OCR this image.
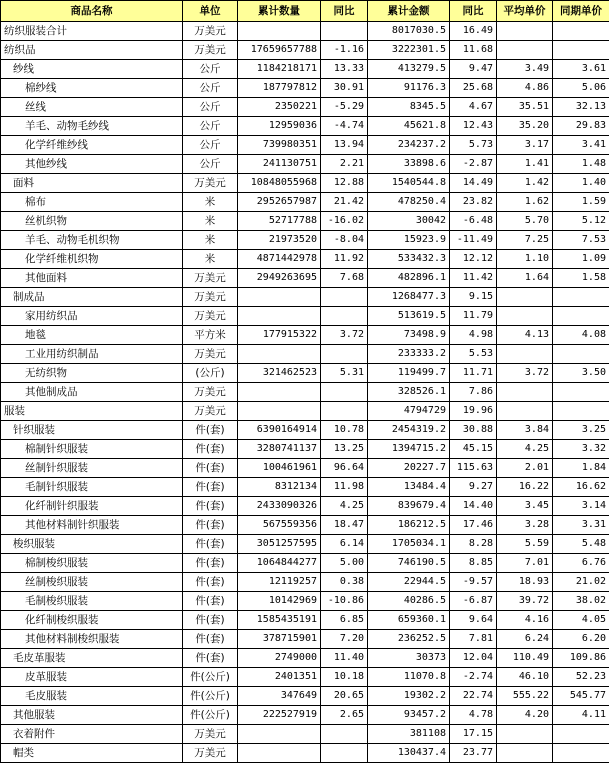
商品名称	单位	累计数量	同比	累计金额	同比	平均单价	同期单价
纺织服装合计	万美元			8017030.5	16.49		
纺织品	万美元	17659657788	-1.16	3222301.5	11.68		
纱线	公斤	1184218171	13.33	413279.5	9.47	3.49	3.61
棉纱线	公斤	187797812	30.91	91176.3	25.68	4.86	5.06
丝线	公斤	2350221	-5.29	8345.5	4.67	35.51	32.13
羊毛、动物毛纱线	公斤	12959036	-4.74	45621.8	12.43	35.20	29.83
化学纤维纱线	公斤	739980351	13.94	234237.2	5.73	3.17	3.41
其他纱线	公斤	241130751	2.21	33898.6	-2.87	1.41	1.48
面料	万美元	10848055968	12.88	1540544.8	14.49	1.42	1.40
棉布	米	2952657987	21.42	478250.4	23.82	1.62	1.59
丝机织物	米	52717788	-16.02	30042	-6.48	5.70	5.12
羊毛、动物毛机织物	米	21973520	-8.04	15923.9	-11.49	7.25	7.53
化学纤维机织物	米	4871442978	11.92	533432.3	12.12	1.10	1.09
其他面料	万美元	2949263695	7.68	482896.1	11.42	1.64	1.58
制成品	万美元			1268477.3	9.15		
家用纺织品	万美元			513619.5	11.79		
地毯	平方米	177915322	3.72	73498.9	4.98	4.13	4.08
工业用纺织制品	万美元			233333.2	5.53		
无纺织物	(公斤)	321462523	5.31	119499.7	11.71	3.72	3.50
其他制成品	万美元			328526.1	7.86		
服装	万美元			4794729	19.96		
针织服装	件(套)	6390164914	10.78	2454319.2	30.88	3.84	3.25
棉制针织服装	件(套)	3280741137	13.25	1394715.2	45.15	4.25	3.32
丝制针织服装	件(套)	100461961	96.64	20227.7	115.63	2.01	1.84
毛制针织服装	件(套)	8312134	11.98	13484.4	9.27	16.22	16.62
化纤制针织服装	件(套)	2433090326	4.25	839679.4	14.40	3.45	3.14
其他材料制针织服装	件(套)	567559356	18.47	186212.5	17.46	3.28	3.31
梭织服装	件(套)	3051257595	6.14	1705034.1	8.28	5.59	5.48
棉制梭织服装	件(套)	1064844277	5.00	746190.5	8.85	7.01	6.76
丝制梭织服装	件(套)	12119257	0.38	22944.5	-9.57	18.93	21.02
毛制梭织服装	件(套)	10142969	-10.86	40286.5	-6.87	39.72	38.02
化纤制梭织服装	件(套)	1585435191	6.85	659360.1	9.64	4.16	4.05
其他材料制梭织服装	件(套)	378715901	7.20	236252.5	7.81	6.24	6.20
毛皮革服装	件(套)	2749000	11.40	30373	12.04	110.49	109.86
皮革服装	件(公斤)	2401351	10.18	11070.8	-2.74	46.10	52.23
毛皮服装	件(公斤)	347649	20.65	19302.2	22.74	555.22	545.77
其他服装	件(公斤)	222527919	2.65	93457.2	4.78	4.20	4.11
衣着附件	万美元			381108	17.15		
帽类	万美元			130437.4	23.77		
